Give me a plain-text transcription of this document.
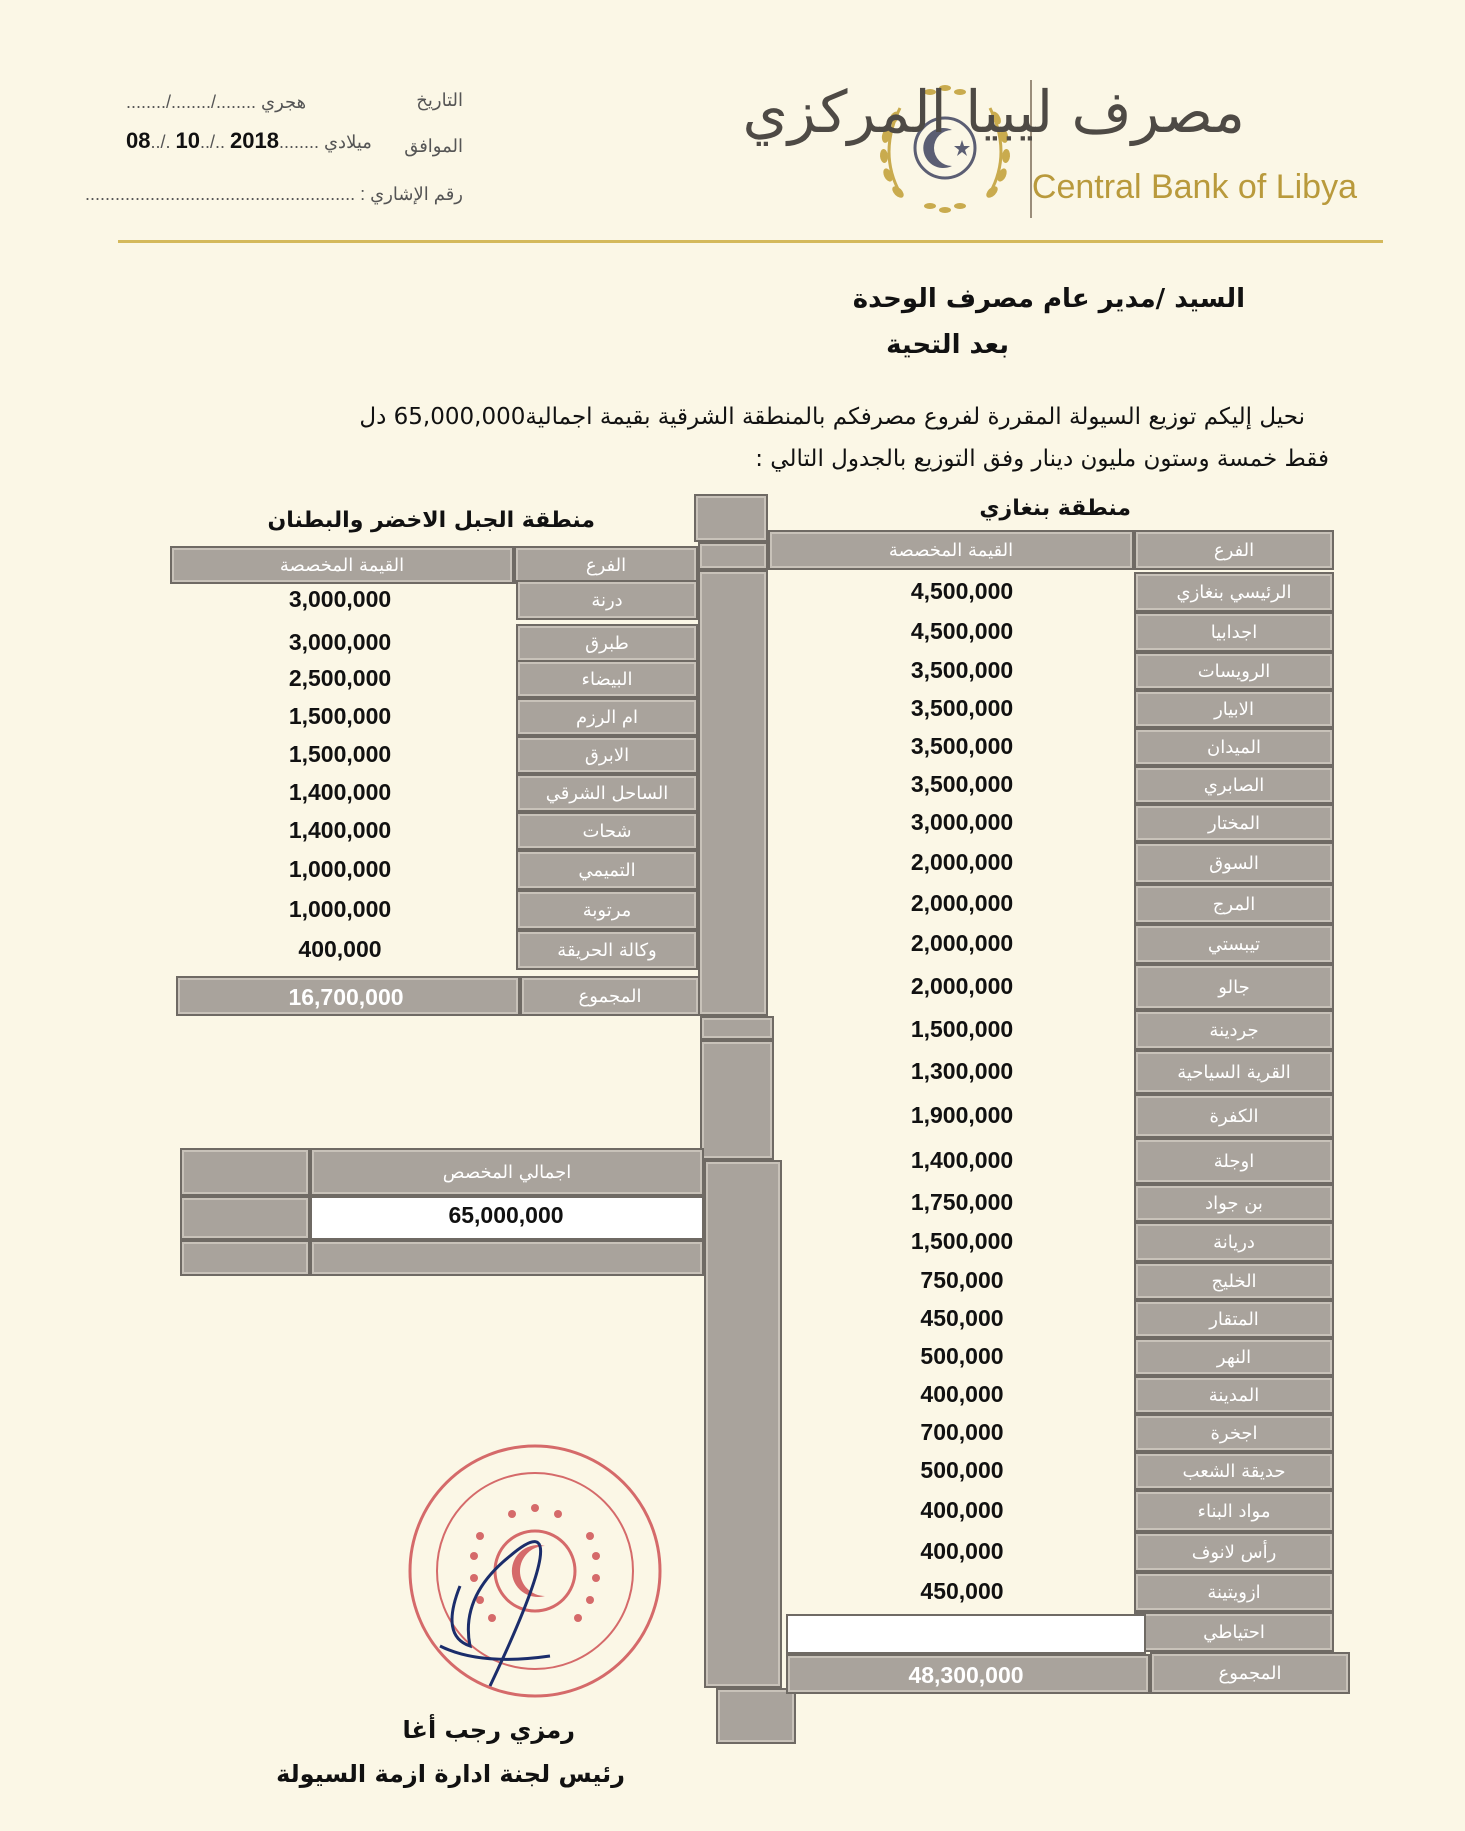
مصرف ليبيا المركزي
Central Bank of Libya
التاريخ
......../......../........ هجري
الموافق
ميلادي ........2018 ../..10 ./..08
رقم الإشاري : ......................................................
السيد /مدير عام مصرف الوحدة
بعد التحية
نحيل إليكم توزيع السيولة المقررة لفروع مصرفكم بالمنطقة الشرقية بقيمة اجمالية65,000,000 دل
فقط خمسة وستون مليون دينار وفق التوزيع بالجدول التالي :
منطقة بنغازي
منطقة الجبل الاخضر والبطنان
اجمالي المخصص
65,000,000
الفرع
القيمة المخصصة
الرئيسي بنغازي
4,500,000
اجدابيا
4,500,000
الرويسات
3,500,000
الابيار
3,500,000
الميدان
3,500,000
الصابري
3,500,000
المختار
3,000,000
السوق
2,000,000
المرج
2,000,000
تيبستي
2,000,000
جالو
2,000,000
جردينة
1,500,000
القرية السياحية
1,300,000
الكفرة
1,900,000
اوجلة
1,400,000
بن جواد
1,750,000
دريانة
1,500,000
الخليج
750,000
المتقار
450,000
النهر
500,000
المدينة
400,000
اجخرة
700,000
حديقة الشعب
500,000
مواد البناء
400,000
رأس لانوف
400,000
ازويتينة
450,000
احتياطي
48,300,000	المجموع
القيمة المخصصة	الفرع
درنة
3,000,000
طبرق
3,000,000
البيضاء
2,500,000
ام الرزم
1,500,000
الابرق
1,500,000
الساحل الشرقي
1,400,000
شحات
1,400,000
التميمي
1,000,000
مرتوبة
1,000,000
وكالة الحريقة
400,000
16,700,000	المجموع
رمزي رجب أغا
رئيس لجنة ادارة ازمة السيولة
